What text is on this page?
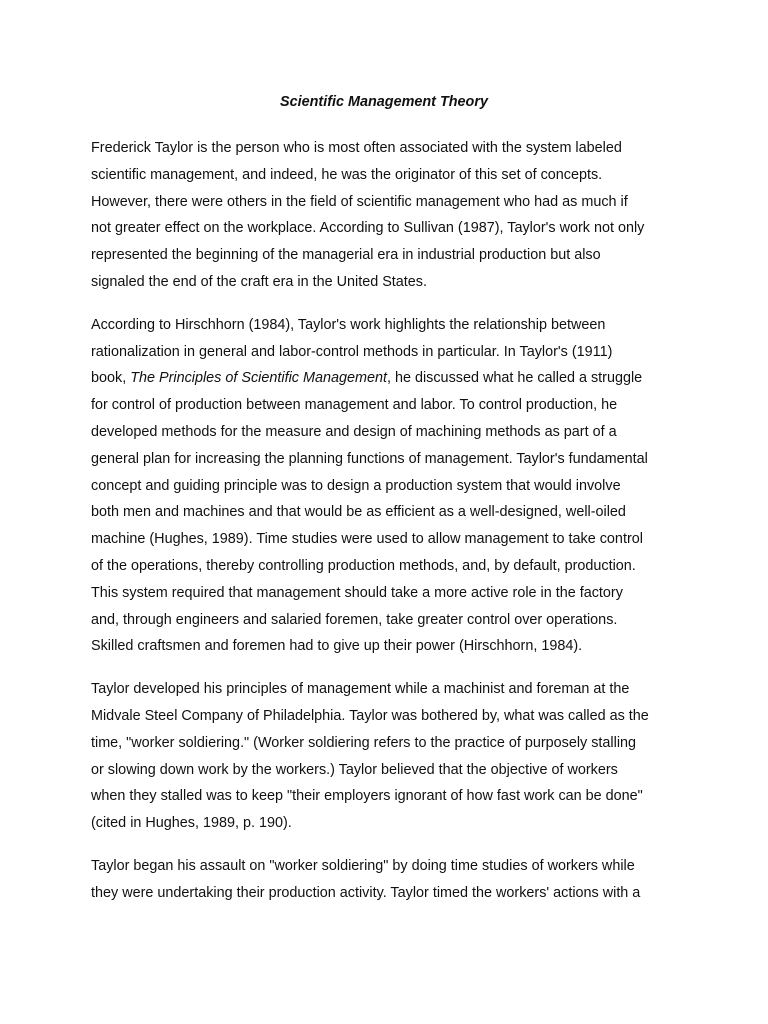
Scientific Management Theory

Frederick Taylor is the person who is most often associated with the system labeled
scientific management, and indeed, he was the originator of this set of concepts.
However, there were others in the field of scientific management who had as much if
not greater effect on the workplace. According to Sullivan (1987), Taylor's work not only
represented the beginning of the managerial era in industrial production but also
signaled the end of the craft era in the United States.

According to Hirschhorn (1984), Taylor's work highlights the relationship between
rationalization in general and labor-control methods in particular. In Taylor's (1911)
book, The Principles of Scientific Management, he discussed what he called a struggle
for control of production between management and labor. To control production, he
developed methods for the measure and design of machining methods as part of a
general plan for increasing the planning functions of management. Taylor's fundamental
concept and guiding principle was to design a production system that would involve
both men and machines and that would be as efficient as a well-designed, well-oiled
machine (Hughes, 1989). Time studies were used to allow management to take control
of the operations, thereby controlling production methods, and, by default, production.
This system required that management should take a more active role in the factory
and, through engineers and salaried foremen, take greater control over operations.
Skilled craftsmen and foremen had to give up their power (Hirschhorn, 1984).

Taylor developed his principles of management while a machinist and foreman at the
Midvale Steel Company of Philadelphia. Taylor was bothered by, what was called as the
time, "worker soldiering." (Worker soldiering refers to the practice of purposely stalling
or slowing down work by the workers.) Taylor believed that the objective of workers
when they stalled was to keep "their employers ignorant of how fast work can be done"
(cited in Hughes, 1989, p. 190).

Taylor began his assault on "worker soldiering" by doing time studies of workers while
they were undertaking their production activity. Taylor timed the workers' actions with a
